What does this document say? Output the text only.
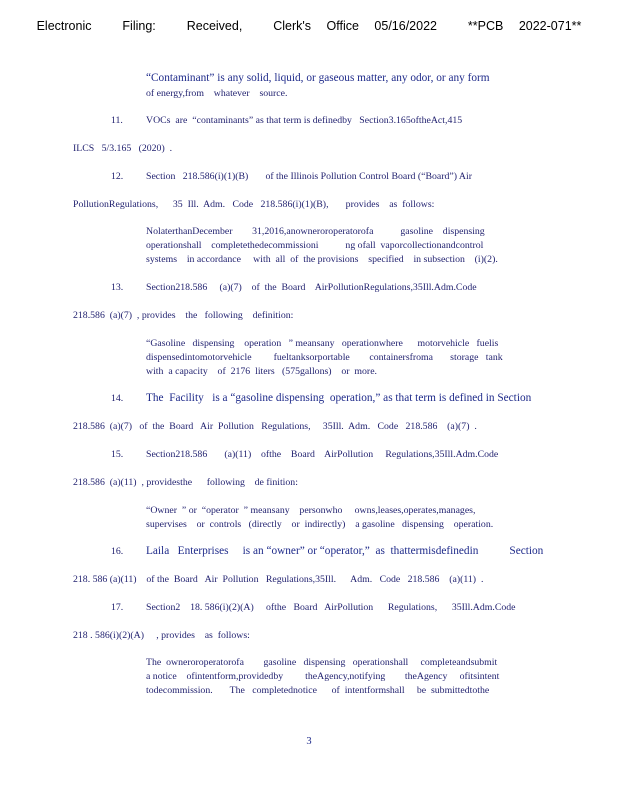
Electronic  Filing:  Received,  Clerk's Office 05/16/2022  **PCB 2022-071**
“Contaminant” is any solid, liquid, or gaseous matter, any odor, or any form
of energy,from    whatever    source.
11. VOCs  are  “contaminants” as that term is definedby   Section3.165oftheAct,415
ILCS   5/3.165   (2020)  .
12. Section   218.586(i)(1)(B)       of the Illinois Pollution Control Board (“Board”) Air
PollutionRegulations,      35  Ill.  Adm.   Code   218.586(i)(1)(B),       provides    as  follows:
NolaterthanDecember        31,2016,anowneroroperatorofa           gasoline    dispensing
operationshall    completethedecommissioni           ng ofall  vaporcollectionandcontrol
systems    in accordance     with  all  of  the provisions    specified    in subsection    (i)(2).
13. Section218.586     (a)(7)    of  the  Board    AirPollutionRegulations,35Ill.Adm.Code
218.586  (a)(7)  , provides    the   following    definition:
“Gasoline   dispensing    operation   ” meansany   operationwhere      motorvehicle   fuelis
dispensedintomotorvehicle         fueltanksorportable        containersfroma       storage   tank
with  a capacity    of  2176  liters   (575gallons)    or  more.
14. The  Facility   is a “gasoline dispensing  operation,” as that term is defined in Section
218.586  (a)(7)   of  the  Board   Air  Pollution   Regulations,     35Ill.  Adm.   Code   218.586    (a)(7)  .
15. Section218.586       (a)(11)    ofthe    Board    AirPollution     Regulations,35Ill.Adm.Code
218.586  (a)(11)  , providesthe      following    de finition:
“Owner  ” or  “operator  ” meansany    personwho     owns,leases,operates,manages,
supervises    or  controls   (directly    or  indirectly)    a gasoline   dispensing    operation.
16. Laila   Enterprises     is an “owner” or “operator,”  as  thattermisdefinedin           Section
218. 586 (a)(11)    of the  Board   Air  Pollution   Regulations,35Ill.      Adm.   Code   218.586    (a)(11)  .
17. Section2    18. 586(i)(2)(A)     ofthe   Board   AirPollution      Regulations,      35Ill.Adm.Code
218 . 586(i)(2)(A)     , provides    as  follows:
The  owneroroperatorofa        gasoline   dispensing   operationshall     completeandsubmit
a notice    ofintentform,providedby         theAgency,notifying        theAgency     ofitsintent
todecommission.       The   completednotice      of  intentformshall     be  submittedtothe
3
